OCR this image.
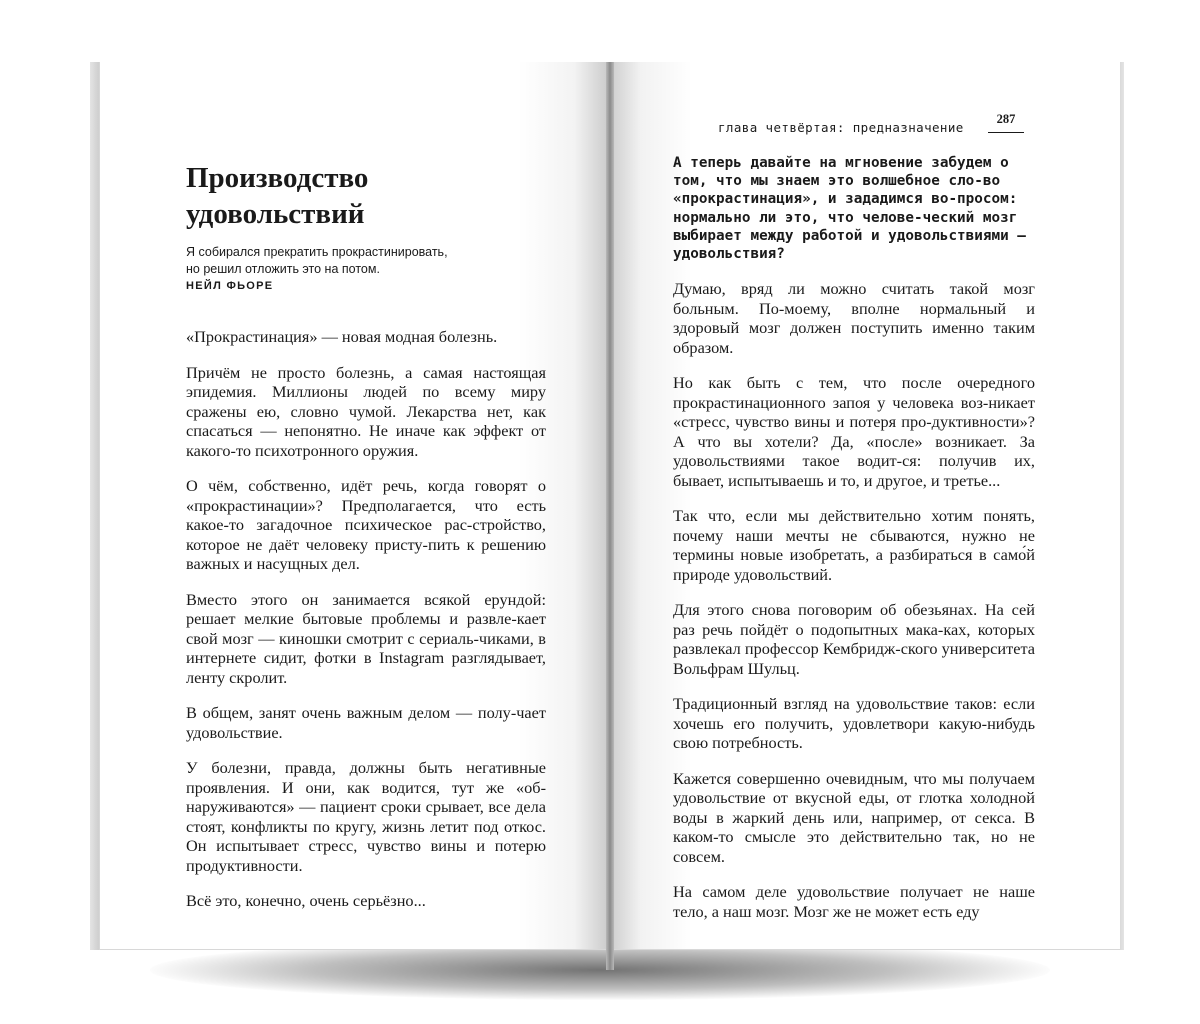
Производство
удовольствий
Я собирался прекратить прокрастинировать,
но решил отложить это на потом.
НЕЙЛ ФЬОРЕ

«Прокрастинация» — новая модная болезнь.

Причём не просто болезнь, а самая настоящая эпидемия. Миллионы людей по всему миру сражены ею, словно чумой. Лекарства нет, как спасаться — непонятно. Не иначе как эффект от какого-то психотронного оружия.

О чём, собственно, идёт речь, когда говорят о «прокрастинации»? Предполагается, что есть какое-то загадочное психическое рас-стройство, которое не даёт человеку присту-пить к решению важных и насущных дел.

Вместо этого он занимается всякой ерундой: решает мелкие бытовые проблемы и развле-кает свой мозг — киношки смотрит с сериаль-чиками, в интернете сидит, фотки в Instagram разглядывает, ленту скролит.

В общем, занят очень важным делом — полу-чает удовольствие.

У болезни, правда, должны быть негативные проявления. И они, как водится, тут же «об-наруживаются» — пациент сроки срывает, все дела стоят, конфликты по кругу, жизнь летит под откос. Он испытывает стресс, чувство вины и потерю продуктивности.

Всё это, конечно, очень серьёзно...

глава четвёртая: предназначение
287

А теперь давайте на мгновение забудем о том, что мы знаем это волшебное сло-во «прокрастинация», и зададимся во-просом: нормально ли это, что челове-ческий мозг выбирает между работой и удовольствиями — удовольствия?

Думаю, вряд ли можно считать такой мозг больным. По-моему, вполне нормальный и здоровый мозг должен поступить именно таким образом.

Но как быть с тем, что после очередного прокрастинационного запоя у человека воз-никает «стресс, чувство вины и потеря про-дуктивности»? А что вы хотели? Да, «после» возникает. За удовольствиями такое водит-ся: получив их, бывает, испытываешь и то, и другое, и третье...

Так что, если мы действительно хотим понять, почему наши мечты не сбываются, нужно не термины новые изобретать, а разбираться в само́й природе удовольствий.

Для этого снова поговорим об обезьянах. На сей раз речь пойдёт о подопытных мака-ках, которых развлекал профессор Кембридж-ского университета Вольфрам Шульц.

Традиционный взгляд на удовольствие таков: если хочешь его получить, удовлетвори какую-нибудь свою потребность.

Кажется совершенно очевидным, что мы получаем удовольствие от вкусной еды, от глотка холодной воды в жаркий день или, например, от секса. В каком-то смысле это действительно так, но не совсем.

На самом деле удовольствие получает не наше тело, а наш мозг. Мозг же не может есть еду
